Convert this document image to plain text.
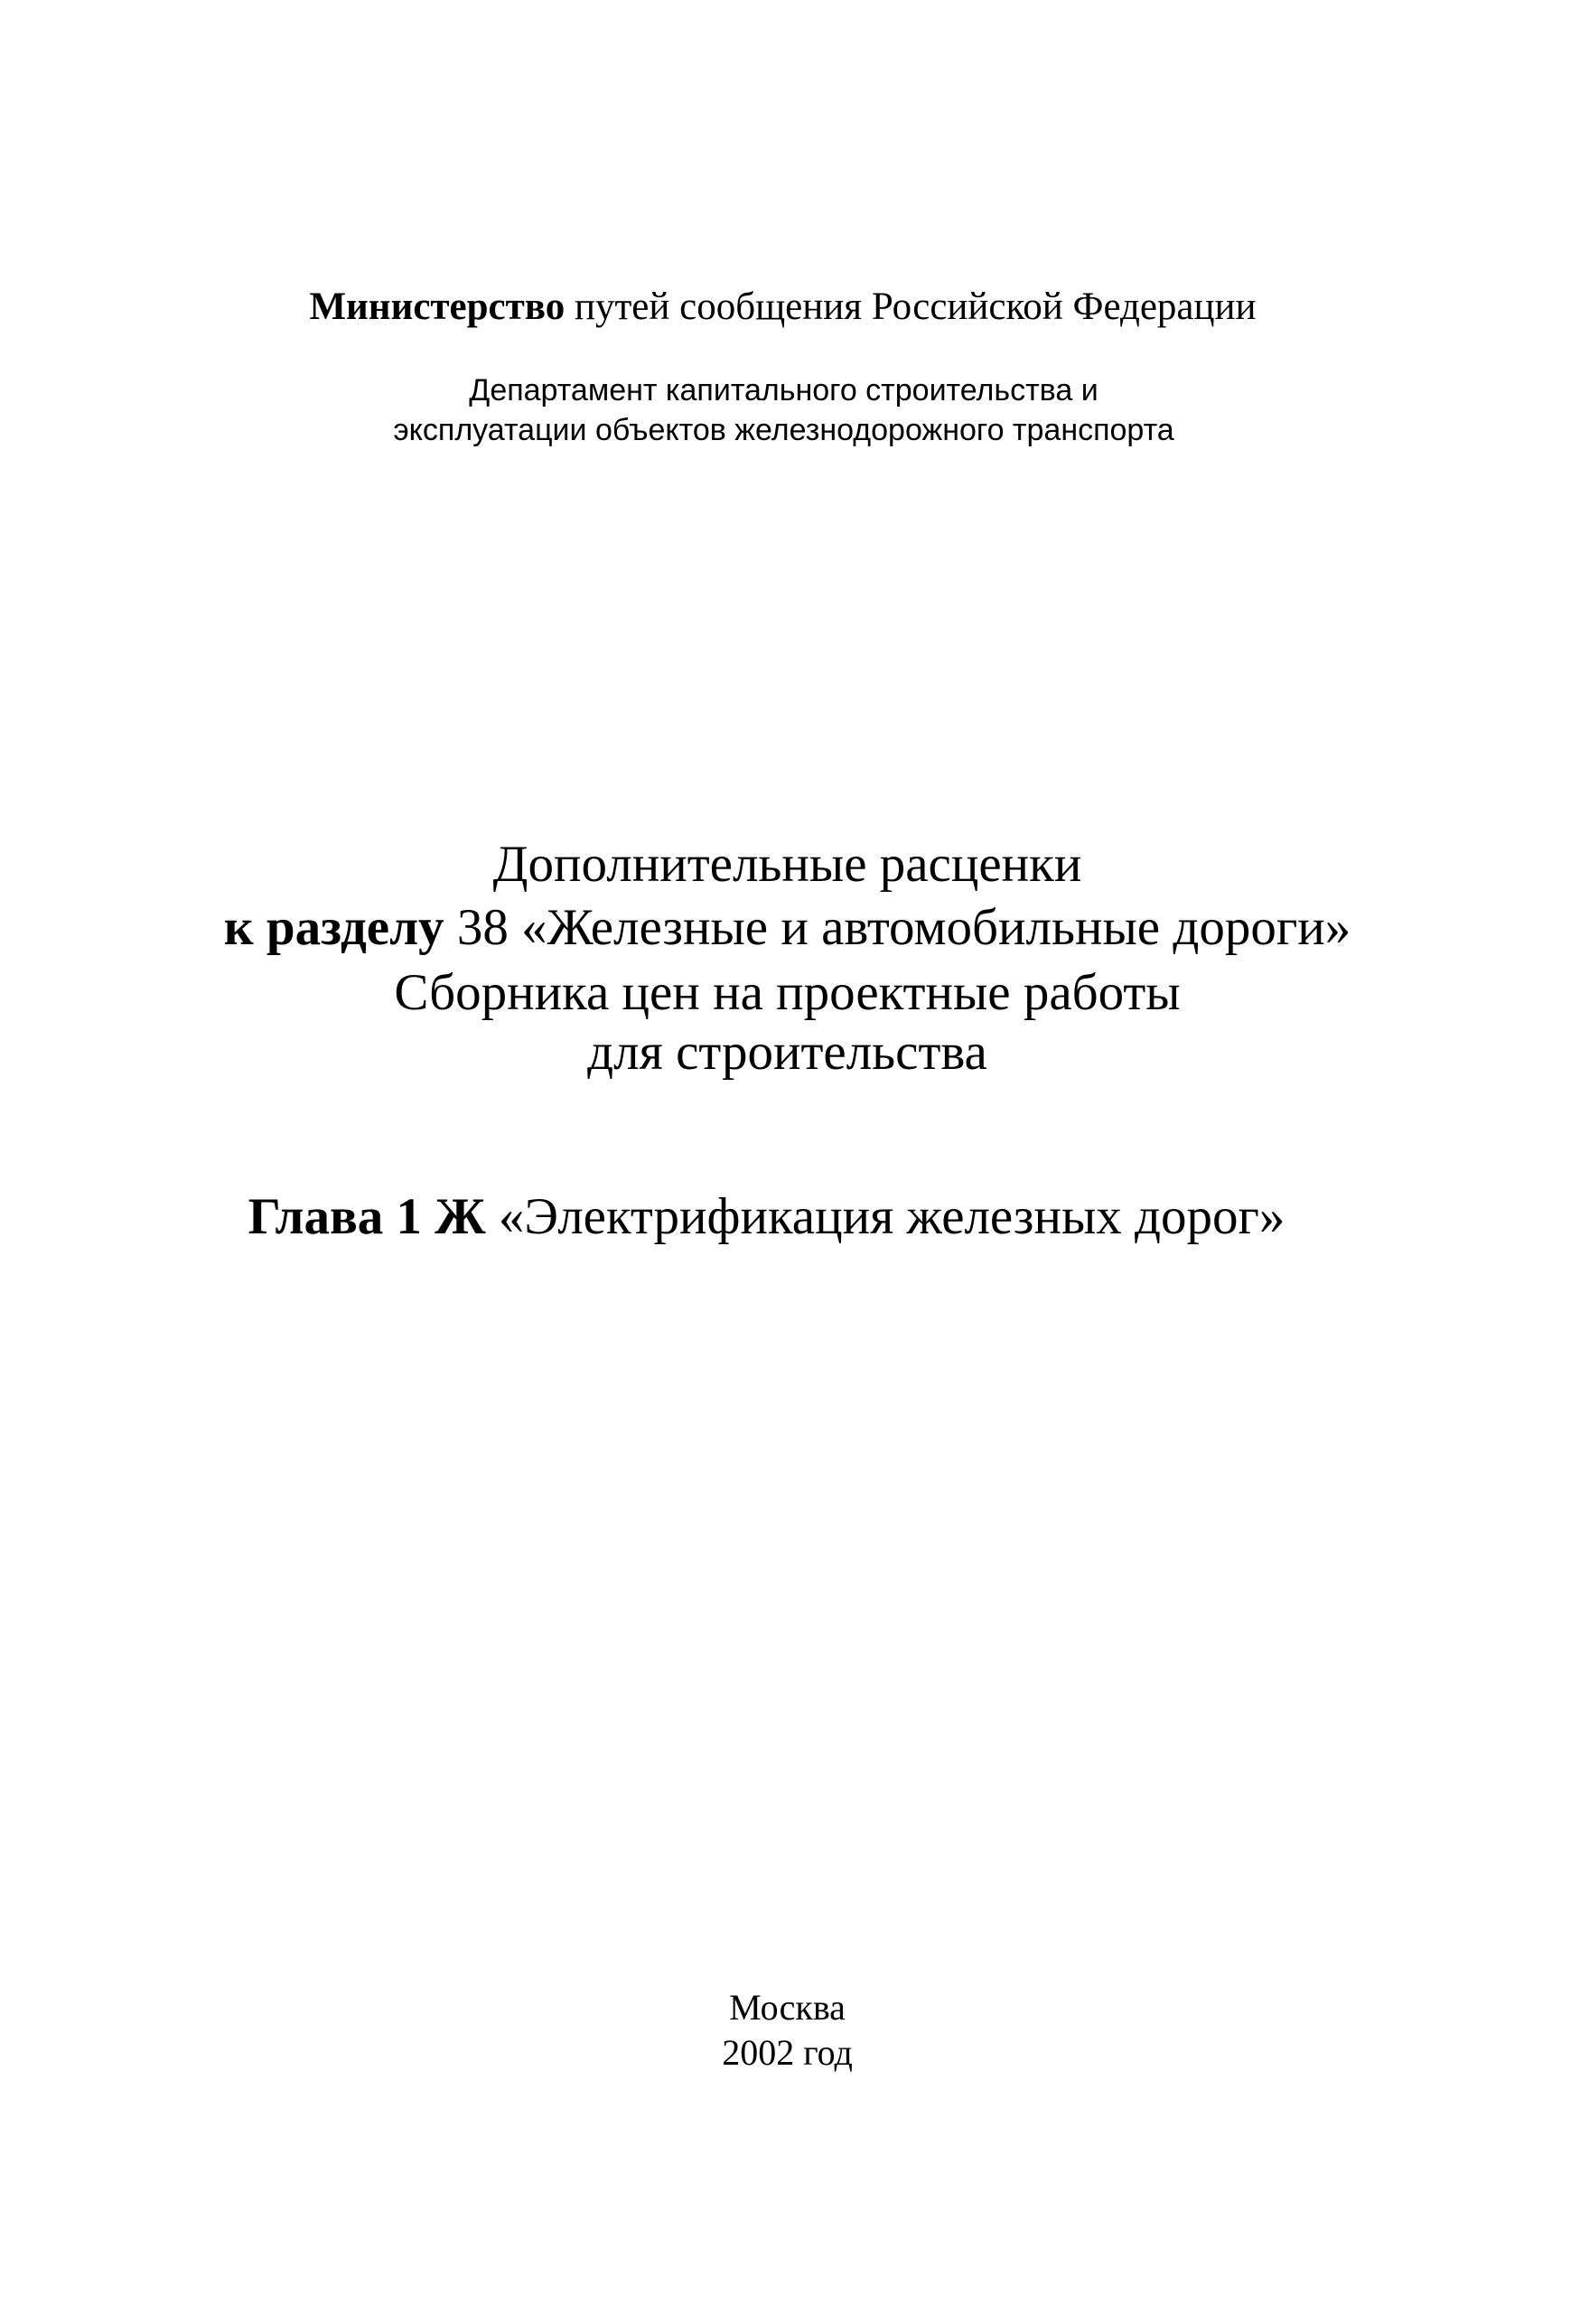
Министерство путей сообщения Российской Федерации

Департамент капитального строительства и

эксплуатации объектов железнодорожного транспорта

Дополнительные расценки

к разделу 38 «Железные и автомобильные дороги»

Сборника цен на проектные работы

для строительства

Глава 1 Ж «Электрификация железных дорог»

Москва

2002 год
